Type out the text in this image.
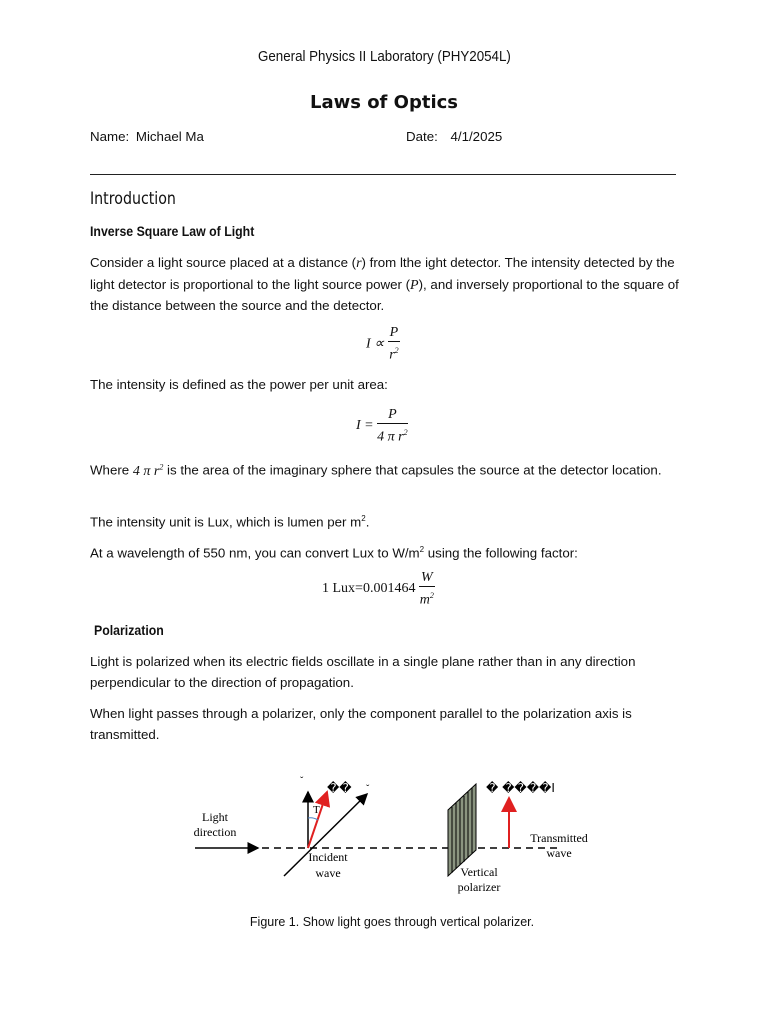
General Physics II Laboratory (PHY2054L)
Laws of Optics
Name: Michael Ma	Date: 4/1/2025
Introduction
Inverse Square Law of Light
Consider a light source placed at a distance (r) from lthe ight detector. The intensity detected by the light detector is proportional to the light source power (P), and inversely proportional to the square of the distance between the source and the detector.
$I \propto \frac{P}{r^2}$
The intensity is defined as the power per unit area:
$I = \frac{P}{4 \pi r^2}$
Where 4 π $r^2$ is the area of the imaginary sphere that capsules the source at the detector location.
The intensity unit is Lux, which is lumen per $m^2$.
At a wavelength of 550 nm, you can convert Lux to $W/m^2$ using the following factor:
1 $Lux=0.001464 \frac{W}{m^2}$
Polarization
Light is polarized when its electric fields oscillate in a single plane rather than in any direction perpendicular to the direction of propagation.
When light passes through a polarizer, only the component parallel to the polarization axis is transmitted.
ˇ
ˇ
T
��	� ����I
Light
direction
Incident
wave	Vertical
polarizer
Transmitted
wave
Figure 1. Show light goes through vertical polarizer.
